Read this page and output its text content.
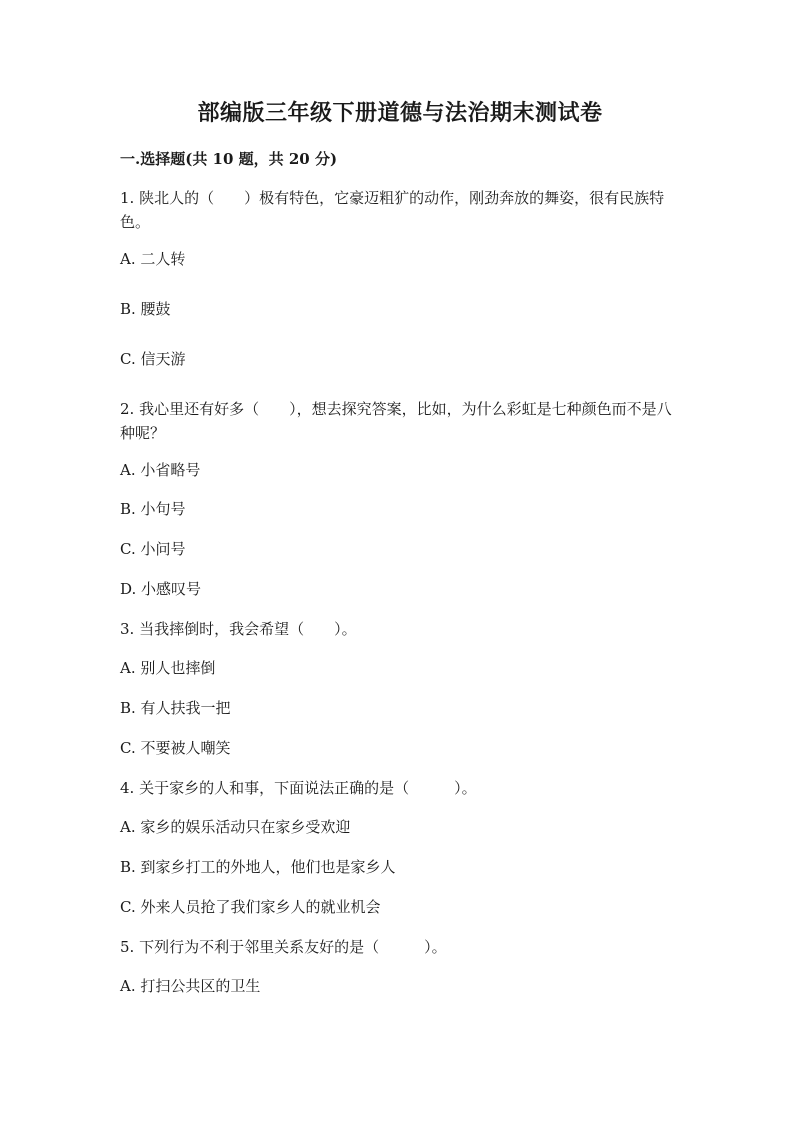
部编版三年级下册道德与法治期末测试卷
一.选择题(共 10 题，共 20 分)
1. 陕北人的（　　）极有特色，它豪迈粗犷的动作，刚劲奔放的舞姿，很有民族特色。
A. 二人转
B. 腰鼓
C. 信天游
2. 我心里还有好多（　　），想去探究答案，比如，为什么彩虹是七种颜色而不是八种呢？
A. 小省略号
B. 小句号
C. 小问号
D. 小感叹号
3. 当我摔倒时，我会希望（　　）。
A. 别人也摔倒
B. 有人扶我一把
C. 不要被人嘲笑
4. 关于家乡的人和事，下面说法正确的是（　　　）。
A. 家乡的娱乐活动只在家乡受欢迎
B. 到家乡打工的外地人，他们也是家乡人
C. 外来人员抢了我们家乡人的就业机会
5. 下列行为不利于邻里关系友好的是（　　　）。
A. 打扫公共区的卫生
